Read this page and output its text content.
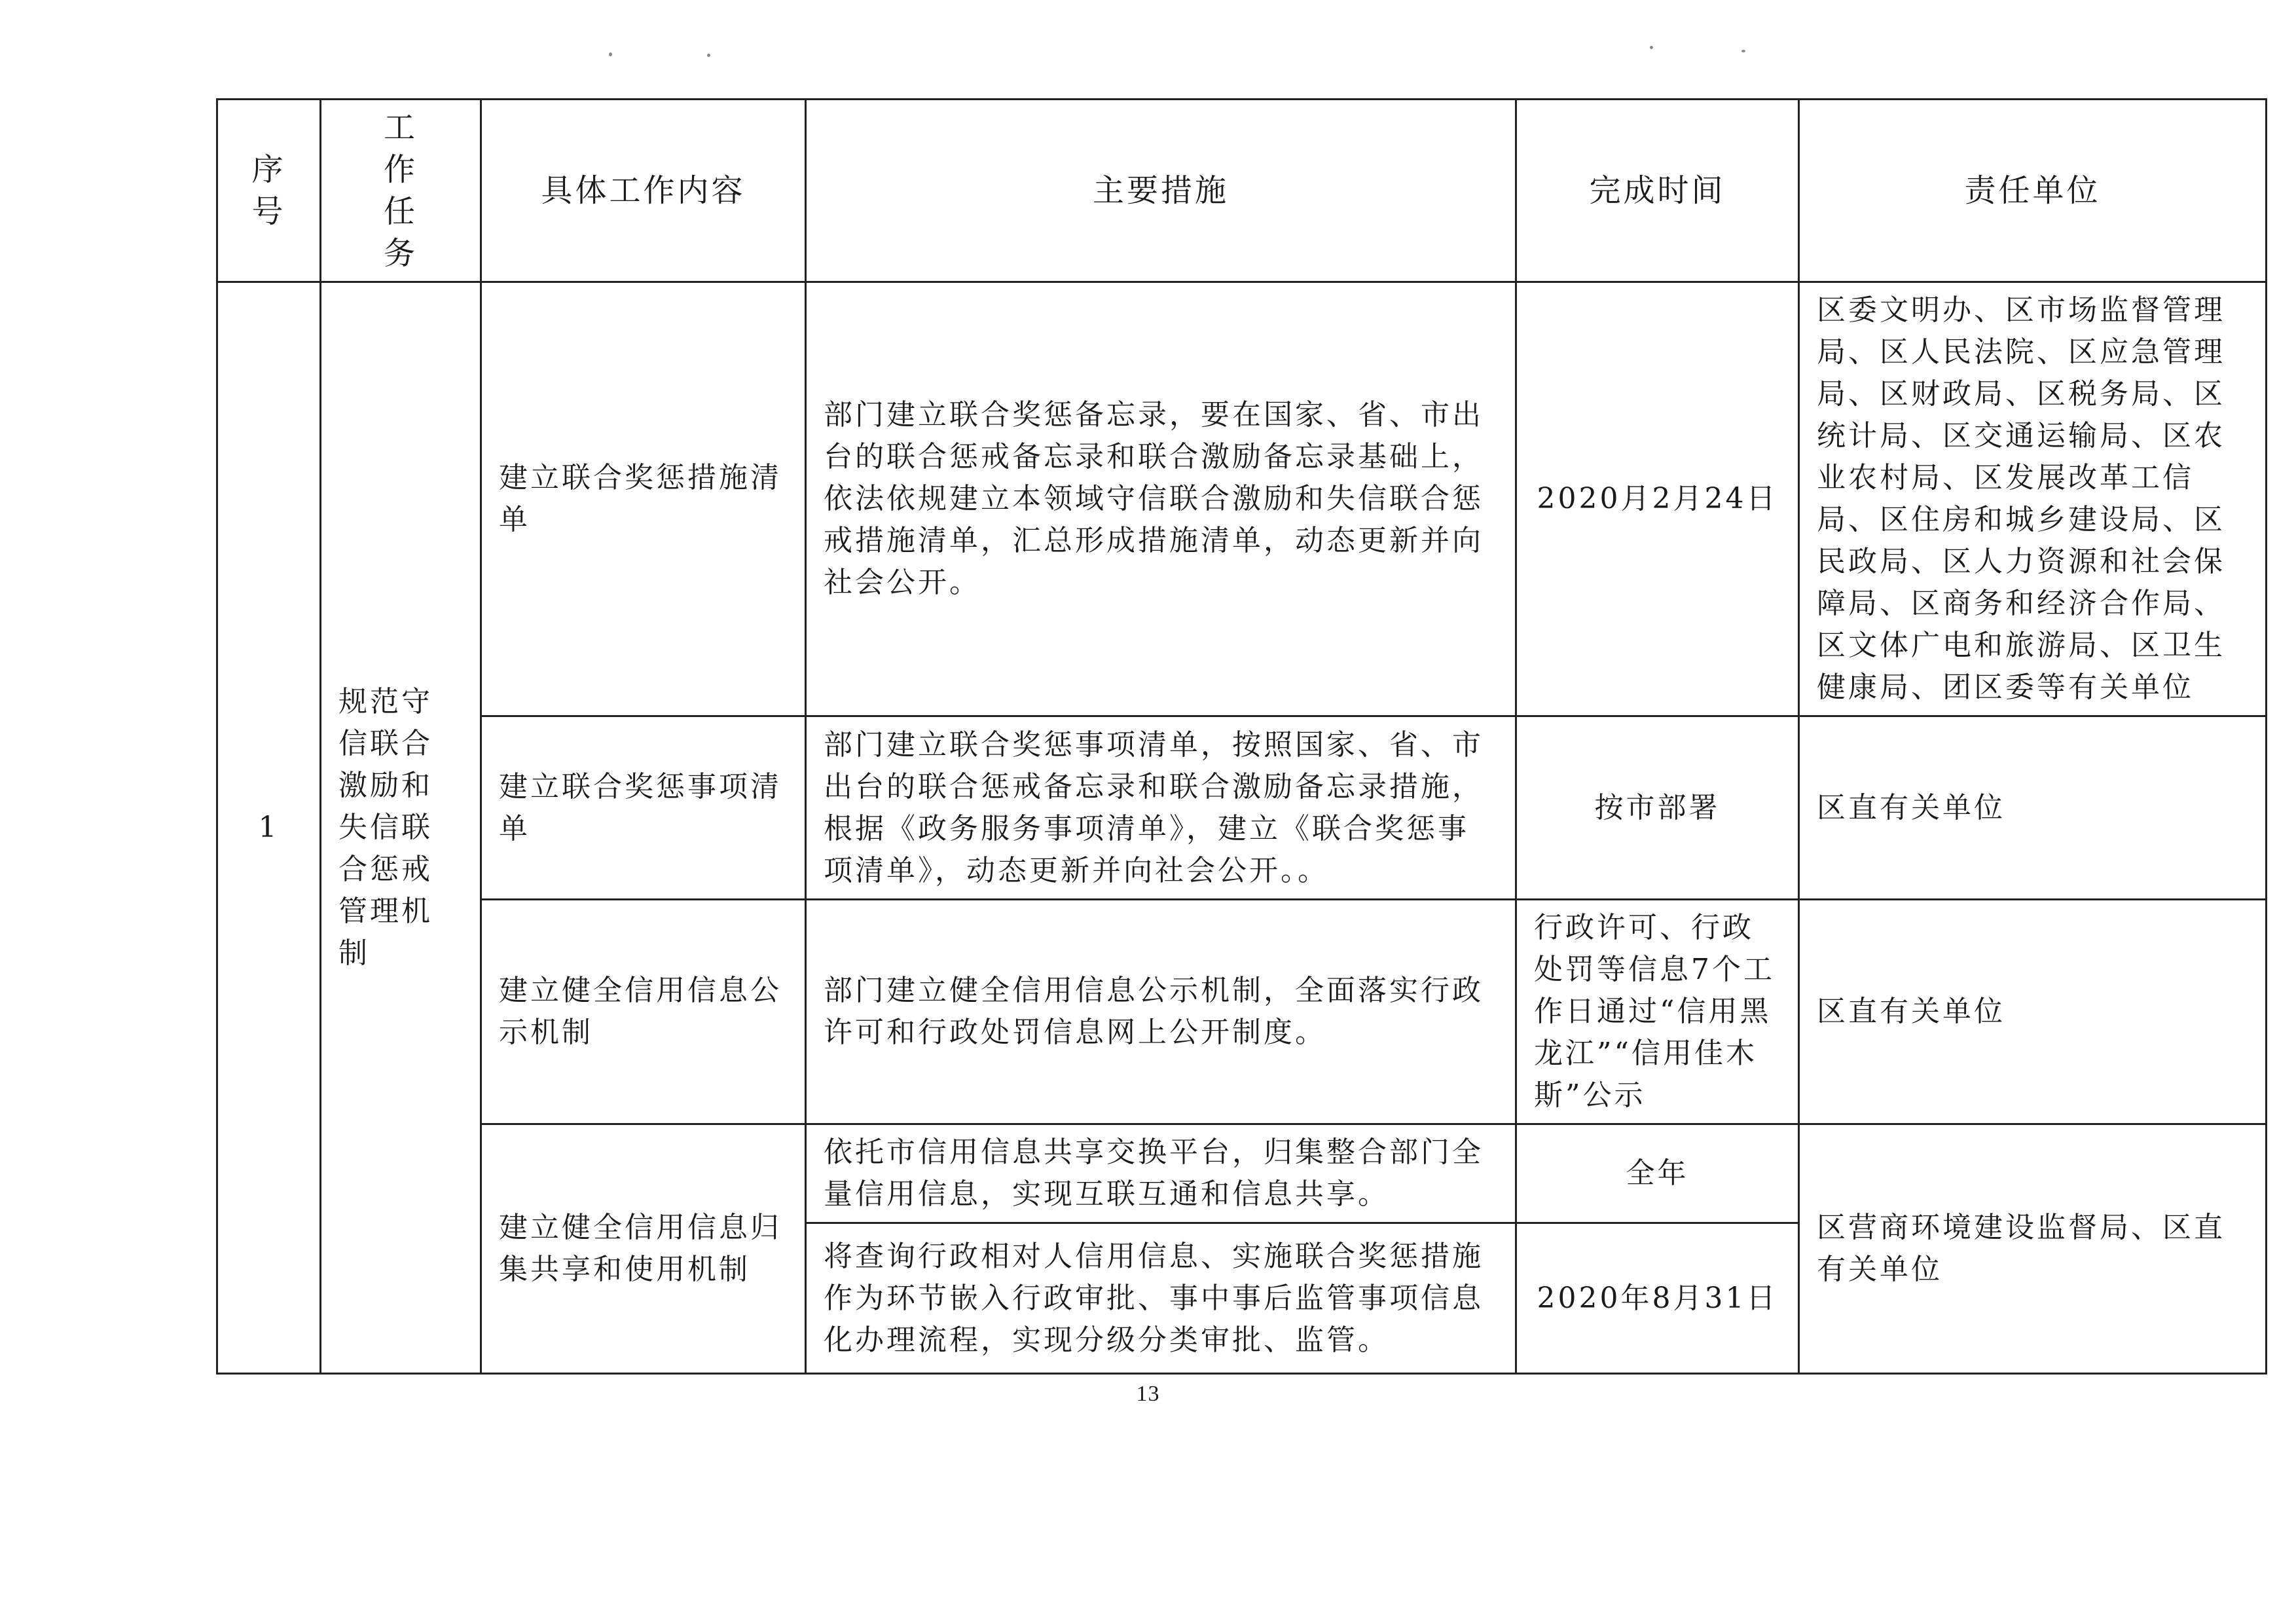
序号	工作任务	具体工作内容	主要措施	完成时间	责任单位
1	规范守信联合激励和失信联合惩戒管理机制	建立联合奖惩措施清单	部门建立联合奖惩备忘录，要在国家、省、市出台的联合惩戒备忘录和联合激励备忘录基础上，依法依规建立本领域守信联合激励和失信联合惩戒措施清单，汇总形成措施清单，动态更新并向社会公开。	2020月2月24日	区委文明办、区市场监督管理局、区人民法院、区应急管理局、区财政局、区税务局、区统计局、区交通运输局、区农业农村局、区发展改革工信局、区住房和城乡建设局、区民政局、区人力资源和社会保障局、区商务和经济合作局、区文体广电和旅游局、区卫生健康局、团区委等有关单位
		建立联合奖惩事项清单	部门建立联合奖惩事项清单，按照国家、省、市出台的联合惩戒备忘录和联合激励备忘录措施，根据《政务服务事项清单》，建立《联合奖惩事项清单》，动态更新并向社会公开。。	按市部署	区直有关单位
		建立健全信用信息公示机制	部门建立健全信用信息公示机制，全面落实行政许可和行政处罚信息网上公开制度。	行政许可、行政处罚等信息7个工作日通过“信用黑龙江”“信用佳木斯”公示	区直有关单位
		建立健全信用信息归集共享和使用机制	依托市信用信息共享交换平台，归集整合部门全量信用信息，实现互联互通和信息共享。	全年	区营商环境建设监督局、区直有关单位
			将查询行政相对人信用信息、实施联合奖惩措施作为环节嵌入行政审批、事中事后监管事项信息化办理流程，实现分级分类审批、监管。	2020年8月31日	
13
